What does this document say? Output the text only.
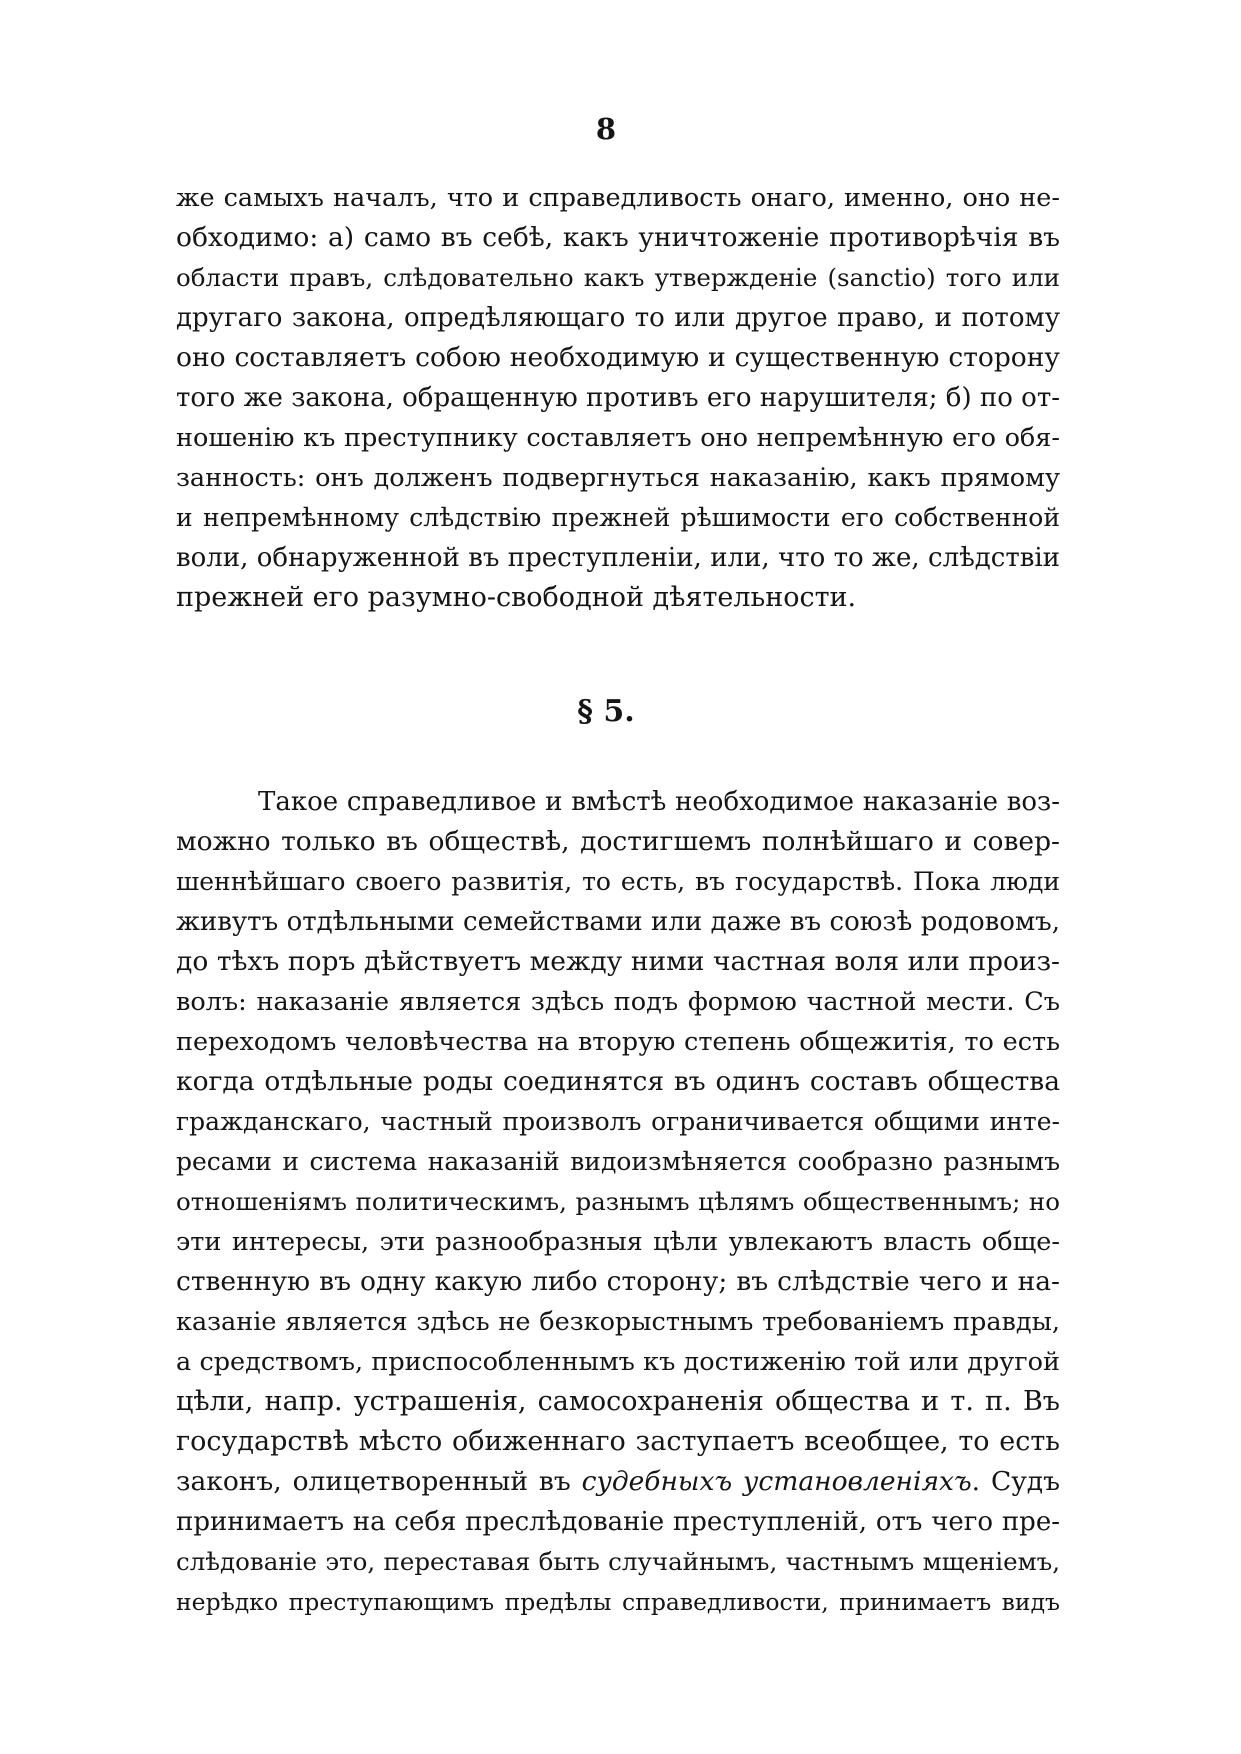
8
же самыхъ началъ, что и справедливость онаго, именно, оно не-
обходимо: а) само въ себѣ, какъ уничтоженіе противорѣчія въ
области правъ, слѣдовательно какъ утвержденіе (sanctio) того или
другаго закона, опредѣляющаго то или другое право, и потому
оно составляетъ собою необходимую и существенную сторону
того же закона, обращенную противъ его нарушителя; б) по от-
ношенію къ преступнику составляетъ оно непремѣнную его обя-
занность: онъ долженъ подвергнуться наказанію, какъ прямому
и непремѣнному слѣдствію прежней рѣшимости его собственной
воли, обнаруженной въ преступленіи, или, что то же, слѣдствіи
прежней его разумно-свободной дѣятельности.
§ 5.
Такое справедливое и вмѣстѣ необходимое наказаніе воз-
можно только въ обществѣ, достигшемъ полнѣйшаго и совер-
шеннѣйшаго своего развитія, то есть, въ государствѣ. Пока люди
живутъ отдѣльными семействами или даже въ союзѣ родовомъ,
до тѣхъ поръ дѣйствуетъ между ними частная воля или произ-
волъ: наказаніе является здѣсь подъ формою частной мести. Съ
переходомъ человѣчества на вторую степень общежитія, то есть
когда отдѣльные роды соединятся въ одинъ составъ общества
гражданскаго, частный произволъ ограничивается общими инте-
ресами и система наказаній видоизмѣняется сообразно разнымъ
отношеніямъ политическимъ, разнымъ цѣлямъ общественнымъ; но
эти интересы, эти разнообразныя цѣли увлекаютъ власть обще-
ственную въ одну какую либо сторону; въ слѣдствіе чего и на-
казаніе является здѣсь не безкорыстнымъ требованіемъ правды,
а средствомъ, приспособленнымъ къ достиженію той или другой
цѣли, напр. устрашенія, самосохраненія общества и т. п. Въ
государствѣ мѣсто обиженнаго заступаетъ всеобщее, то есть
законъ, олицетворенный въ судебныхъ установленіяхъ. Судъ
принимаетъ на себя преслѣдованіе преступленій, отъ чего пре-
слѣдованіе это, переставая быть случайнымъ, частнымъ мщеніемъ,
нерѣдко преступающимъ предѣлы справедливости, принимаетъ видъ
